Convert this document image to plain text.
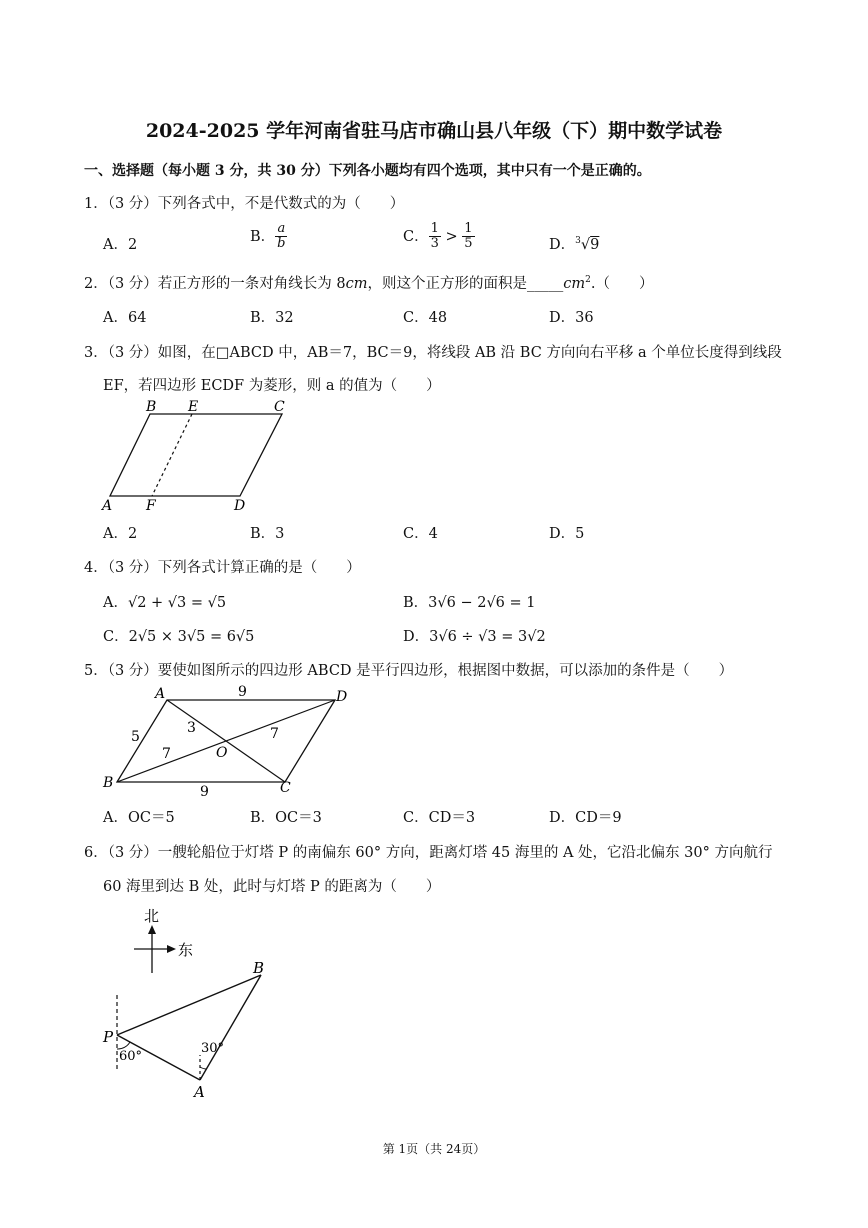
2024-2025 学年河南省驻马店市确山县八年级（下）期中数学试卷
一、选择题（每小题 3 分，共 30 分）下列各小题均有四个选项，其中只有一个是正确的。
1．（3 分）下列各式中，不是代数式的为（　　）
A．2
B． $\frac{a}{b}$	C． $\frac{1}{3} > \frac{1}{5}$	D．$^3$√9
2．（3 分）若正方形的一条对角线长为 8cm，则这个正方形的面积是$\_\_\_\_\_cm^2$.（　　）
A．64	B．32	C．48	D．36
3．（3 分）如图，在□ABCD 中，AB＝7，BC＝9，将线段 AB 沿 BC 方向向右平移 a 个单位长度得到线段
EF，若四边形 ECDF 为菱形，则 a 的值为（　　）
B E	C
A F	D
A．2	B．3	C．4	D．5
4．（3 分）下列各式计算正确的是（　　）
A．√2 + √3 = √5	B．3√6 − 2√6 = 1
C．2√5 × 3√5 = 6√5	D．3√6 ÷ √3 = 3√2
5．（3 分）要使如图所示的四边形 ABCD 是平行四边形，根据图中数据，可以添加的条件是（　　）
A	D
B	C
O
9
9
5
3
7
7
A．OC＝5	B．OC＝3	C．CD＝3	D．CD＝9
6．（3 分）一艘轮船位于灯塔 P 的南偏东 60° 方向，距离灯塔 45 海里的 A 处，它沿北偏东 30° 方向航行
60 海里到达 B 处，此时与灯塔 P 的距离为（　　）
北
东
P
A
B
60°
30°
第 1页（共 24页）
